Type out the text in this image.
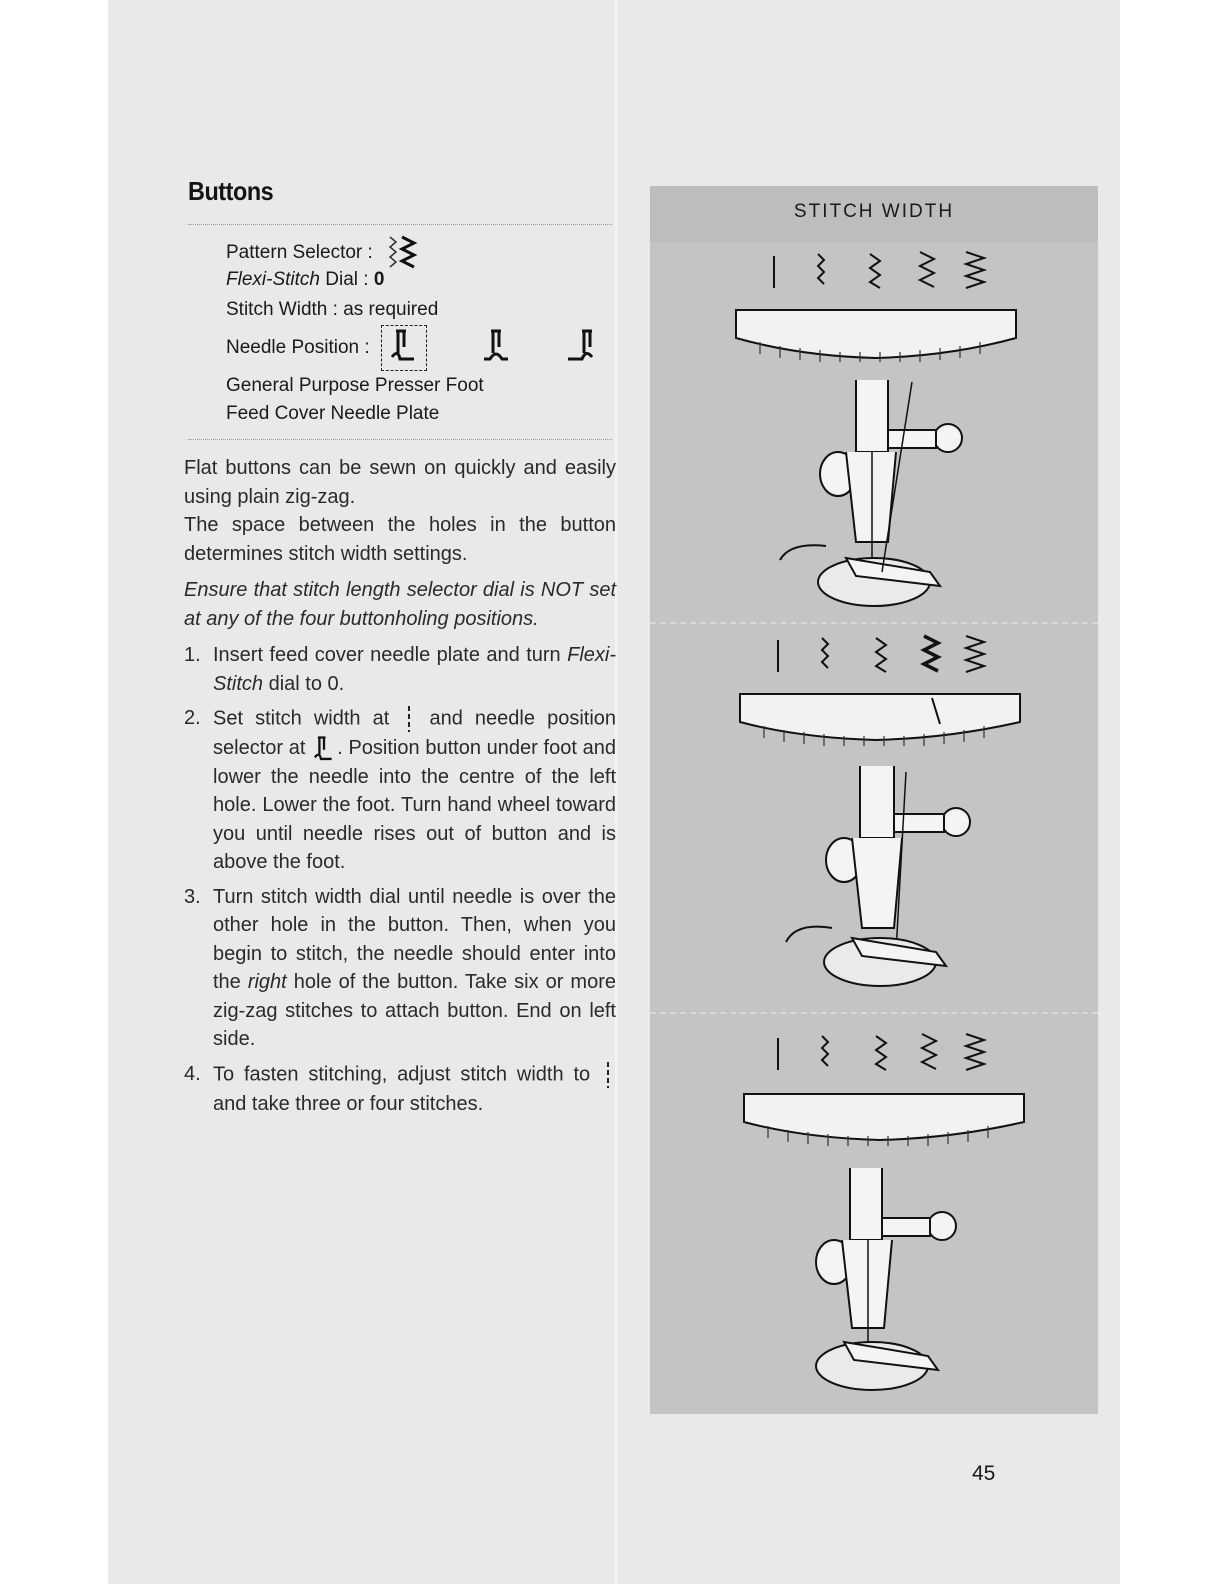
Buttons
Pattern Selector :
Flexi-Stitch Dial : 0
Stitch Width : as required
Needle Position :
General Purpose Presser Foot
Feed Cover Needle Plate

Flat buttons can be sewn on quickly and easily using plain zig-zag.

The space between the holes in the button determines stitch width settings.

Ensure that stitch length selector dial is NOT set at any of the four buttonholing positions.

1. Insert feed cover needle plate and turn Flexi-Stitch dial to 0.
2. Set stitch width at  and needle position selector at . Position button under foot and lower the needle into the centre of the left hole. Lower the foot. Turn hand wheel toward you until needle rises out of button and is above the foot.
3. Turn stitch width dial until needle is over the other hole in the button. Then, when you begin to stitch, the needle should enter into the right hole of the button. Take six or more zig-zag stitches to attach button. End on left side.
4. To fasten stitching, adjust stitch width to  and take three or four stitches.
STITCH WIDTH
45
